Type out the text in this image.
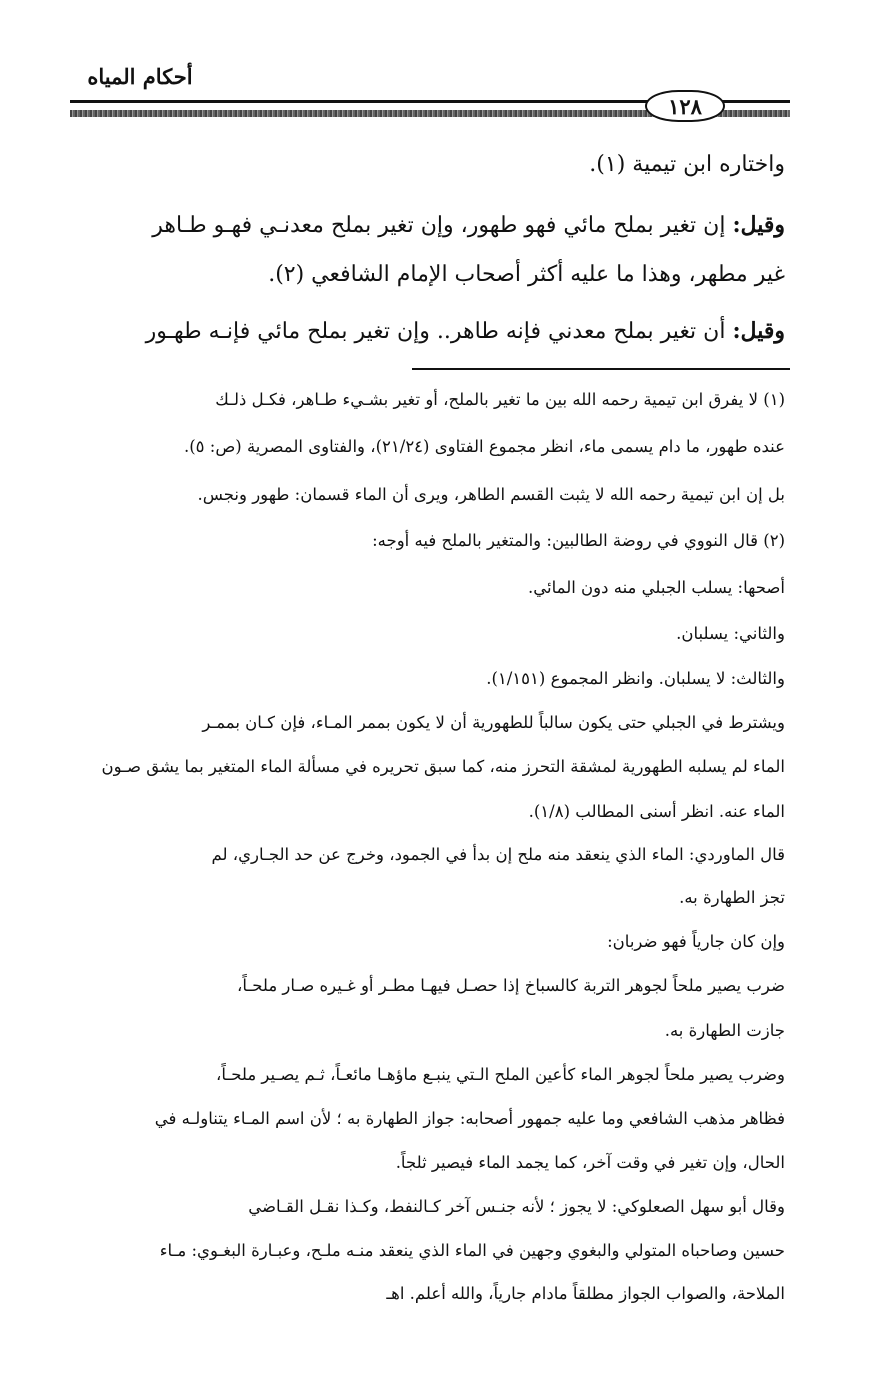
أحكام المياه
١٢٨
واختاره ابن تيمية (١).
وقيل: إن تغير بملح مائي فهو طهور، وإن تغير بملح معدنـي فهـو طـاهر
غير مطهر، وهذا ما عليه أكثر أصحاب الإمام الشافعي (٢).
وقيل: أن تغير بملح معدني فإنه طاهر.. وإن تغير بملح مائي فإنـه طهـور
(١) لا يفرق ابن تيمية رحمه الله بين ما تغير بالملح، أو تغير بشـيء طـاهر، فكـل ذلـك
عنده طهور، ما دام يسمى ماء، انظر مجموع الفتاوى (٢١/٢٤)، والفتاوى المصرية (ص: ٥).
بل إن ابن تيمية رحمه الله لا يثبت القسم الطاهر، ويرى أن الماء قسمان: طهور ونجس.
(٢) قال النووي في روضة الطالبين: والمتغير بالملح فيه أوجه:
أصحها: يسلب الجبلي منه دون المائي.
والثاني: يسلبان.
والثالث: لا يسلبان. وانظر المجموع (١/١٥١).
ويشترط في الجبلي حتى يكون سالباً للطهورية أن لا يكون بممر المـاء، فإن كـان بممـر
الماء لم يسلبه الطهورية لمشقة التحرز منه، كما سبق تحريره في مسألة الماء المتغير بما يشق صـون
الماء عنه. انظر أسنى المطالب (١/٨).
قال الماوردي: الماء الذي ينعقد منه ملح إن بدأ في الجمود، وخرج عن حد الجـاري، لم
تجز الطهارة به.
وإن كان جارياً فهو ضربان:
ضرب يصير ملحاً لجوهر التربة كالسباخ إذا حصـل فيهـا مطـر أو غـيره صـار ملحـاً،
جازت الطهارة به.
وضرب يصير ملحاً لجوهر الماء كأعين الملح الـتي ينبـع ماؤهـا مائعـاً، ثـم يصـير ملحـاً،
فظاهر مذهب الشافعي وما عليه جمهور أصحابه: جواز الطهارة به ؛ لأن اسم المـاء يتناولـه في
الحال، وإن تغير في وقت آخر، كما يجمد الماء فيصير ثلجاً.
وقال أبو سهل الصعلوكي: لا يجوز ؛ لأنه جنـس آخر كـالنفط، وكـذا نقـل القـاضي
حسين وصاحباه المتولي والبغوي وجهين في الماء الذي ينعقد منـه ملـح، وعبـارة البغـوي: مـاء
الملاحة، والصواب الجواز مطلقاً مادام جارياً، والله أعلم. اهـ
